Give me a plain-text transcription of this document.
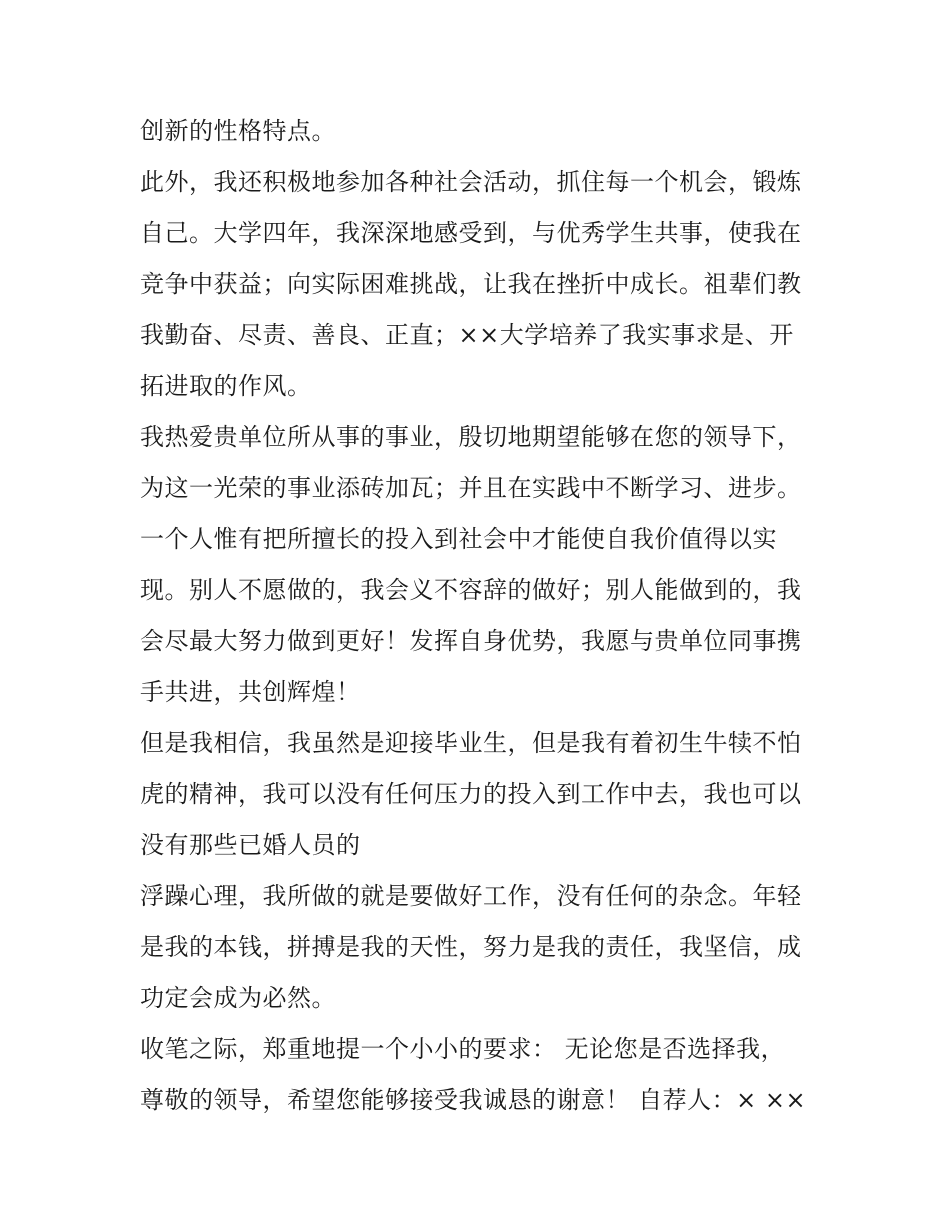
创新的性格特点。
此外，我还积极地参加各种社会活动，抓住每一个机会，锻炼
自己。大学四年，我深深地感受到，与优秀学生共事，使我在
竞争中获益；向实际困难挑战，让我在挫折中成长。祖辈们教
我勤奋、尽责、善良、正直；××大学培养了我实事求是、开
拓进取的作风。
我热爱贵单位所从事的事业，殷切地期望能够在您的领导下，
为这一光荣的事业添砖加瓦；并且在实践中不断学习、进步。
一个人惟有把所擅长的投入到社会中才能使自我价值得以实
现。别人不愿做的，我会义不容辞的做好；别人能做到的，我
会尽最大努力做到更好！发挥自身优势，我愿与贵单位同事携
手共进，共创辉煌！
但是我相信，我虽然是迎接毕业生，但是我有着初生牛犊不怕
虎的精神，我可以没有任何压力的投入到工作中去，我也可以
没有那些已婚人员的
浮躁心理，我所做的就是要做好工作，没有任何的杂念。年轻
是我的本钱，拼搏是我的天性，努力是我的责任，我坚信，成
功定会成为必然。
收笔之际，郑重地提一个小小的要求： 无论您是否选择我，
尊敬的领导，希望您能够接受我诚恳的谢意！ 自荐人：× ××
